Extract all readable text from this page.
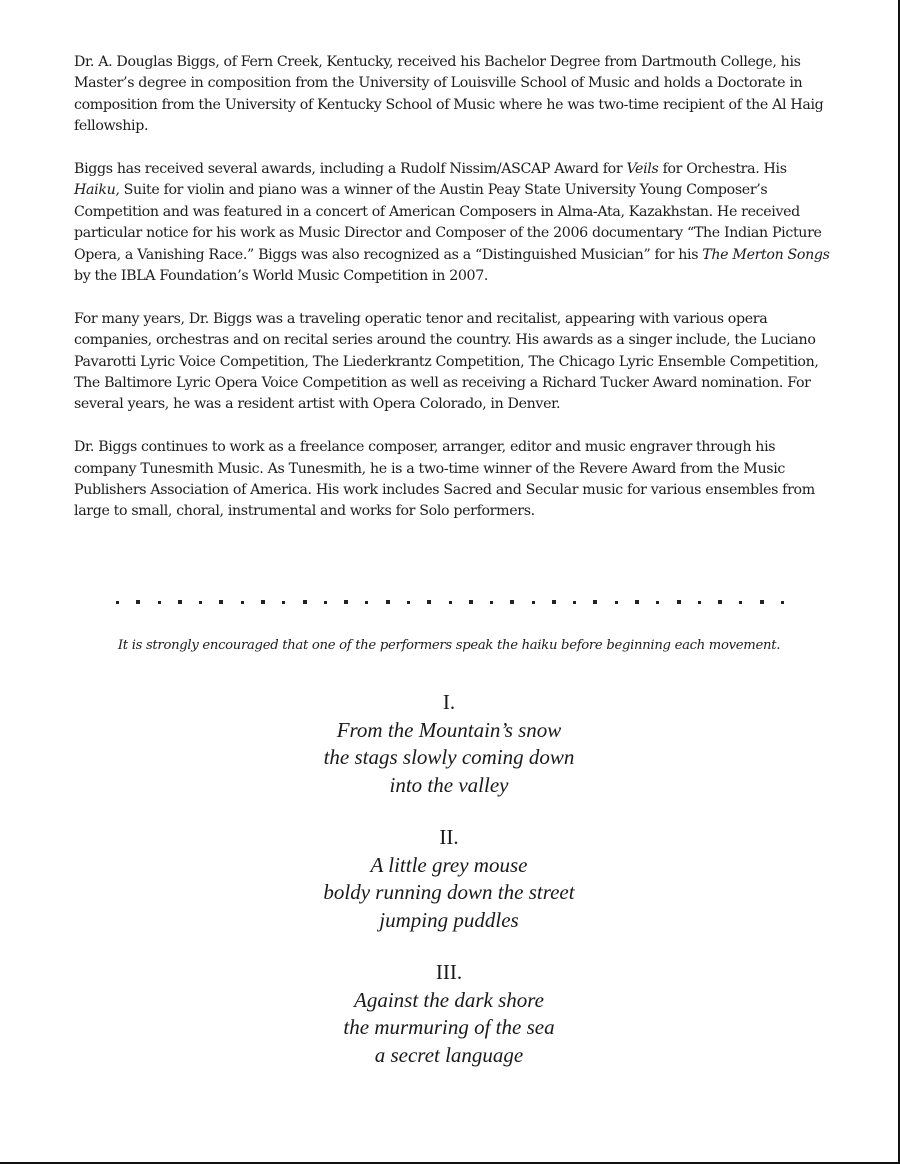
Dr. A. Douglas Biggs, of Fern Creek, Kentucky, received his Bachelor Degree from Dartmouth College, his Master’s degree in composition from the University of Louisville School of Music and holds a Doctorate in composition from the University of Kentucky School of Music where he was two-time recipient of the Al Haig fellowship.

Biggs has received several awards, including a Rudolf Nissim/ASCAP Award for Veils for Orchestra. His Haiku, Suite for violin and piano was a winner of the Austin Peay State University Young Composer’s Competition and was featured in a concert of American Composers in Alma-Ata, Kazakhstan. He received particular notice for his work as Music Director and Composer of the 2006 documentary “The Indian Picture Opera, a Vanishing Race.” Biggs was also recognized as a “Distinguished Musician” for his The Merton Songs by the IBLA Foundation’s World Music Competition in 2007.

For many years, Dr. Biggs was a traveling operatic tenor and recitalist, appearing with various opera companies, orchestras and on recital series around the country. His awards as a singer include, the Luciano Pavarotti Lyric Voice Competition, The Liederkrantz Competition, The Chicago Lyric Ensemble Competition, The Baltimore Lyric Opera Voice Competition as well as receiving a Richard Tucker Award nomination. For several years, he was a resident artist with Opera Colorado, in Denver.

Dr. Biggs continues to work as a freelance composer, arranger, editor and music engraver through his company Tunesmith Music. As Tunesmith, he is a two-time winner of the Revere Award from the Music Publishers Association of America. His work includes Sacred and Secular music for various ensembles from large to small, choral, instrumental and works for Solo performers.

It is strongly encouraged that one of the performers speak the haiku before beginning each movement.
I.
From the Mountain’s snow
the stags slowly coming down
into the valley
II.
A little grey mouse
boldy running down the street
jumping puddles
III.
Against the dark shore
the murmuring of the sea
a secret language
